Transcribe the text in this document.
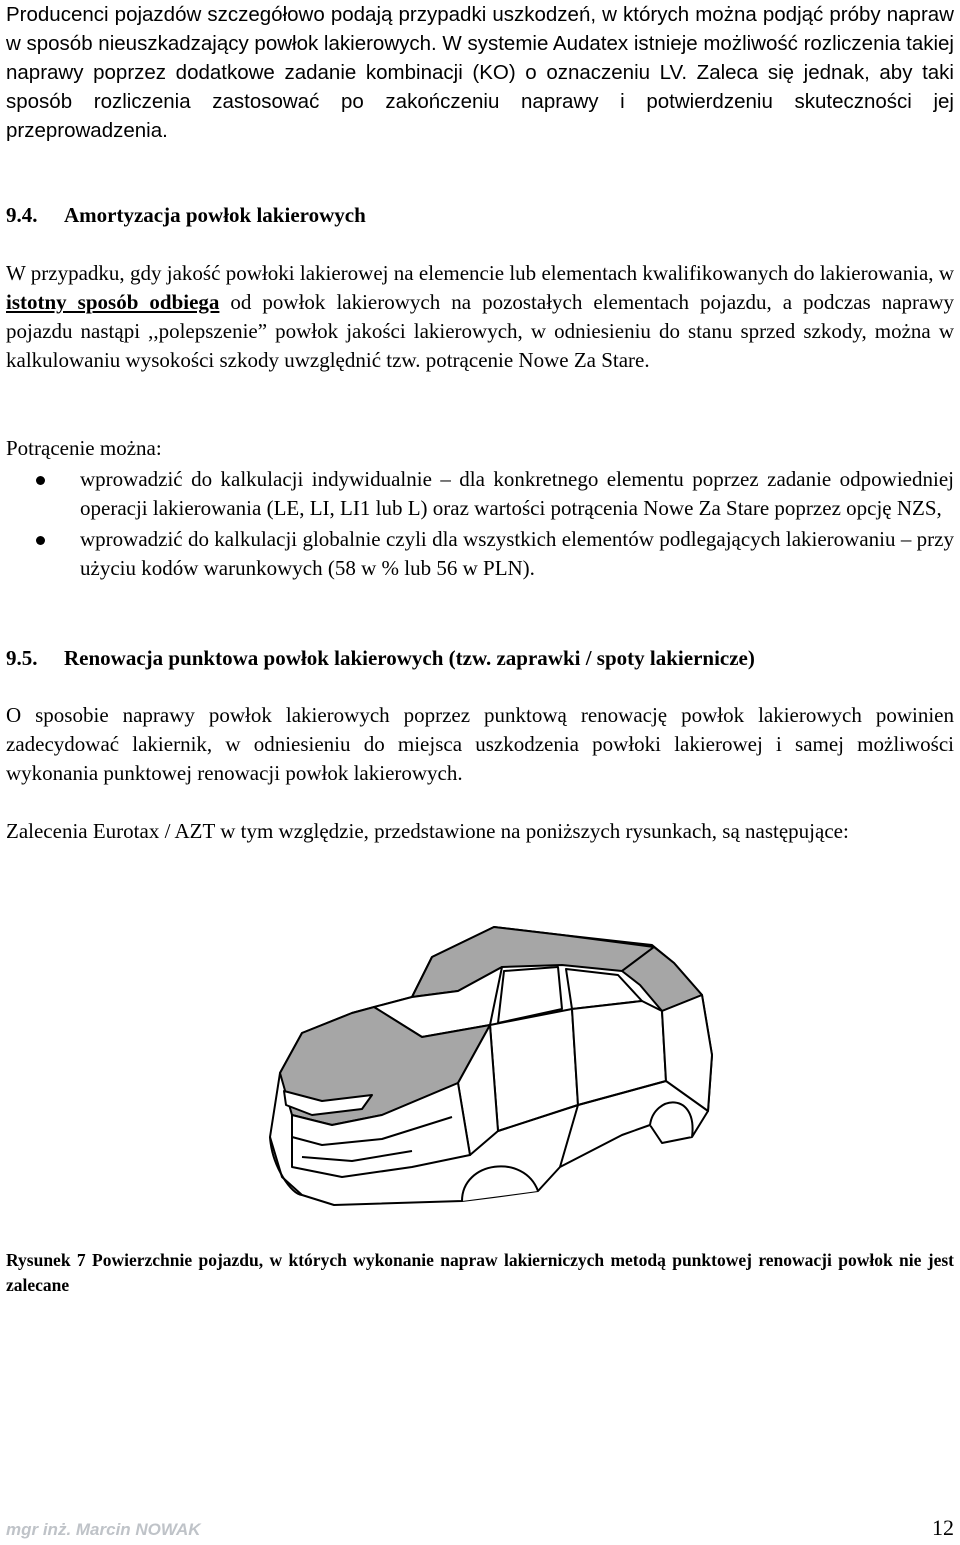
Producenci pojazdów szczegółowo podają przypadki uszkodzeń, w których można podjąć próby napraw w sposób nieuszkadzający powłok lakierowych. W systemie Audatex istnieje możliwość rozliczenia takiej naprawy poprzez dodatkowe zadanie kombinacji (KO) o oznaczeniu LV. Zaleca się jednak, aby taki sposób rozliczenia zastosować po zakończeniu naprawy i potwierdzeniu skuteczności jej przeprowadzenia.
9.4. Amortyzacja powłok lakierowych
W przypadku, gdy jakość powłoki lakierowej na elemencie lub elementach kwalifikowanych do lakierowania, w istotny sposób odbiega od powłok lakierowych na pozostałych elementach pojazdu, a podczas naprawy pojazdu nastąpi ,,polepszenie” powłok jakości lakierowych, w odniesieniu do stanu sprzed szkody, można w kalkulowaniu wysokości szkody uwzględnić tzw. potrącenie Nowe Za Stare.
Potrącenie można:
wprowadzić do kalkulacji indywidualnie – dla konkretnego elementu poprzez zadanie odpowiedniej operacji lakierowania (LE, LI, LI1 lub L) oraz wartości potrącenia Nowe Za Stare poprzez opcję NZS,
wprowadzić do kalkulacji globalnie czyli dla wszystkich elementów podlegających lakierowaniu – przy użyciu kodów warunkowych (58 w % lub 56 w PLN).
9.5. Renowacja punktowa powłok lakierowych (tzw. zaprawki / spoty lakiernicze)
O sposobie naprawy powłok lakierowych poprzez punktową renowację powłok lakierowych powinien zadecydować lakiernik, w odniesieniu do miejsca uszkodzenia powłoki lakierowej i samej możliwości wykonania punktowej renowacji powłok lakierowych.
Zalecenia Eurotax / AZT w tym względzie, przedstawione na poniższych rysunkach, są następujące:
Rysunek 7 Powierzchnie pojazdu, w których wykonanie napraw lakierniczych metodą punktowej renowacji powłok nie jest zalecane
mgr inż. Marcin NOWAK	12
